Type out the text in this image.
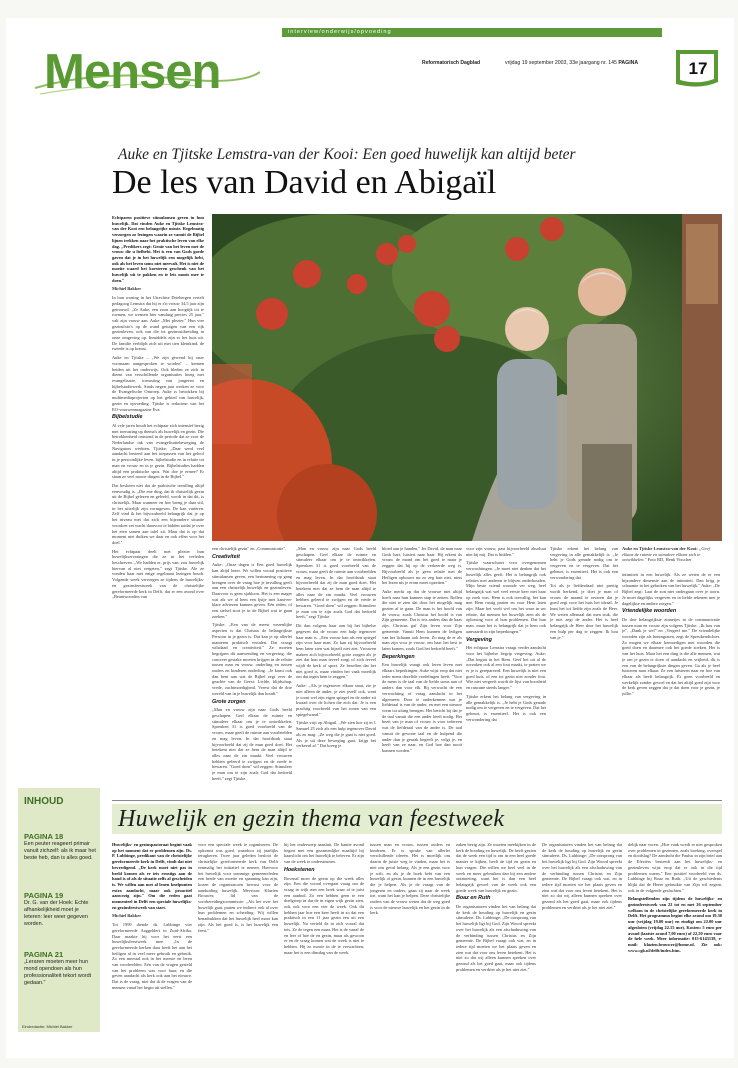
interview/onderwijs/opvoeding
Mensen	Reformatorisch Dagblad	vrijdag 19 september 2003, 33e jaargang nr. 145 PAGINA	17
Auke en Tjitske Lemstra-van der Kooi: Een goed huwelijk kan altijd beter
De les van David en Abigaïl

Echtparen positieve stimulansen geven in hun huwelijk. Dat vinden Auke en Tjitske Lemstra-van der Kooi een belangrijke missie. Regelmatig verzorgen zo lezingen waarin ze vanuit de Bijbel lijnen trekken naar het praktische leven van elke dag. „Predikers zegt: Genie van het leven met de vrouw die u liefhebt. Het is een van Gods goede gaven dat je in het huwelijk een mogelijk hebt, ook als het leven soms niet meevalt. Het is niet de moeite waard het koesteren geschenk van het huwelijk uit te pakken en te lets moois mee te doen."

Michiel Bakker

In hun woning in het Utrechtse Driebergen vertelt pedagoog Lemstra dat hij er z'n vrouw 34,5 jaar zijn getrouwd. „Ze Auke, een zoon aan hoogtijk tot te roemen, we wensen hier vandaag precies 25 jaar," valt zijn vrouw aan. Auke „Met plezier." Hun vier gezinsfoto's op de wand getuigen van een rijk gezinsleven, ook van die tot gezinsuitbreiding in onze omgeving op. Inmiddels zijn er het huis uit. De familie verblijdt zich uit met tien kleinkind, de tweede is op komst.

Auke en Tjitske – „We zijn gewend bij onze voornaam aangesproken te worden" – kennen beiden uit het onderwijs. Ook bleden ze zich in dienst van verschillende organisaties bezig met evangelisatie, toerusting van jongeren en bijbelstudiewerk. Sinds negen jaar werken ze voor de Evangelische Omroep. Auke is betrokken bij multimediaprojecten op het gebied van huwelijk, gezin en opvoeding. Tjitske is redacteur van het EO-vrouwenmagazine Eva.

Bijbelstudie

Al vele jaren houdt het echtpaar zich intensief bezig met toerusting op thema's als huwelijk en gezin. Die betrokkenheid ontstond in de periode dat ze voor de Nederlandse tak van evangelisatiebeweging de Navigators werkten. Tjitske: „Daar werd veel aandacht besteed aan het toepassen van het geloof in je persoonlijke leven, bijbelstudie en in relatie tot man en vrouw en in je gezin. Bijbelstudies hadden altijd een praktische spits. Wat doe je ermee? Er staan ze veel mooie dingen in de Bijbel."

Dat besloten niet dat de praktische invulling altijd eenvoudig is. „Die ene ding, dat ik christelijk gezin uit de Bijbel gelezen en geleefd, wordt in dat dit, is christelijk. Maar wanneer en hoe breng je daar stil, in het uiterlijk zijn vormgeven. De kan variëren. Zelf vind ik het bijvoorbeeld belangrijk dat je op het niveau met dat zich een bijzondere situatie voordoet zet wacht daarvoor te bidden totdat je over het eten samen aan tafel zit. Maar dat is op dat moment niet duiken we daar en ook effen voor het doel."

Het echtpaar deelt met plezier hun huwelijkservaringen die ze in het verleden beschreven. „We hadden er, prijs van, zou huwelijk hiervan al niet vergeten," zegt Tjitske. Ale ze vonden haar met enige regelmaat lezingen houdt. Volgende week verzorgen ze tijdens de huwelijks- en gezinsfeestweek van de christelijke gereformeerde kerk in Delft, dat er een avond over „Beantwoorden van

Auke en Tjitske Lemstra-van der Kooi: „Geef elkaar de ruimte en stimuleer elkaar zich te ontwikkelen." Foto RD, Henk Visscher

een christelijk gezin" en „Communicatie".

Creativiteit

Auke: „Onze dagen is Een goed huwelijk kan altijd beter. We willen vooral positieve stimulansen geven, een herinnering op gang brengen over de vraag hoe je invulling geeft aan een christelijk huwelijk en gezinsleven. Daarvoor is geen sjabloon. Het is een mager wat als we al hem een ljstje met kant-en-klare adviezen kunnen geven. Eén reden, of een stelsel stort je in de Bijbel wat te gaan zoeken."

Tjitske: „Een van de meest wezenlijke aspecten is dat Christus de belangrijkste Persoon in je gezin is. Dat kan je op allerlei manieren praktisch vertalen. Dat vraagt wilsdaad en creativiteit." Ze moeten begrijpen dit aanwending en vergeving, die concreet gestalte moeten krijgen in de relatie tussen man en vrouw, onderling en tussen ouders en kinderen onderling. „Je komt ook dan bent aan wat de Bijbel zegt over de geachte van de Geest: Liefde, blijdschap, vrede, zachtmoedigheid. Vreest dat de drie wereld van in je huwelijk dan houdt."

Grote zorgen

„Man en vrouw zijn naar Gods beeld geschapen. Gerf elkaar de ruimte en stimuleer elkaar om je te ontwikkelen. Spreuken 31 is goed voorbeeld van de vrouw, maar geeft de ruimte aan voorbeelden en mag leven. In dat hoofdstuk staat bijvoorbeeld dat zij de man goed doet. Het betekent niet dat ze hem de man altijd te alles naar de zin maakt. Veel vrouwen hebben geleerd te zwijgen en de vrede te bewaren. "Goed doen" wil zeggen: Stimuleer je man om te zijn zoals God dat bedoeld heeft," zegt Tjitske.

„Man en vrouw zijn naar Gods beeld geschapen. Gerf elkaar de ruimte en stimuleer elkaar om je te ontwikkelen. Spreuken 31 is goed voorbeeld van de vrouw, maar geeft de ruimte aan voorbeelden en mag leven. In dat hoofdstuk staat bijvoorbeeld dat zij de man goed doet. Het betekent niet dat ze hem de man altijd te alles naar de zin maakt. Veel vrouwen hebben geleerd te zwijgen en de vrede te bewaren. "Goed doen" wil zeggen: Stimuleer je man om te zijn zoals God dat bedoeld heeft," zegt Tjitske.

Dit dan volgens haar aan bij het bijbelse gegeven dat de vrouw een hulp tegenover haar man is. „Een vrouw kan als een spiegel zijn voor haar man. Zo kan zij bijvoorbeeld hem laten zien wat hijzelf niet ziet. Vrouwen maken zich bijvoorbeeld grote zorgen als je ziet dat hun man teveel zorgt of zich teveel wijdt de kerk of sport. Ze beseffen dat het niet goed is, maar vinden het vaak moeilijk om dat tegen hem te zeggen."

Auke: „Als je tegenover elkaar staat, zie je niet alleen de ander, je ziet jezelf ook, want je toont wel zijn eigen spiegel en de ander zit kwaad over de lichen die zich dat. Je is een prachtig voorbeeld van het tonen van een spiegelwand."

Tjitske vrijt op Abigail. „We zien hoe zij in 1 Samuel 25 zich als een hulp tegenover David als zo mag: „Ze weg die je gaat is niet goed. Als je uit deze beweging gaat, krijgt het verkeerd af." Dat kreeg je

bloed aan je handen," Jet David, de man naar Gods hart, luistert naar haar. Hij erkent ds vrouw de mond om het goed te maar je zeggen dat hij op de verkeerde weg is. Bijvoorbeeld als je geen relatie met de Heiligen opbouwt nu zo zeg kun niet, niets het lezen nis je erom moet opzetten."

Auke merkt op dat de vrouwe niet altijd hoeft naar hun kunnen stap te zetten. Rollen die niet te zien dat door het mogelijk mag gezien af te gaan. De man is het hoofd van de vrouw, zoals Christus het hoofd is van Zijn gemeente. Dat is iets anders dan de baas zijn. Christus gaf Zijn leven voor Zijn gemeente. Vanuit Hem kunnen de ledigen van het lichaam ook leven. Zo mag de er als man zijn voor je vrouw, om haar het best te laten komen, zoals God het bedoeld heeft."

Beperkingen

Een huwelijk vraagt ook leren leven met elkaars beperkingen. Auke wijst erop dat niet ieder mens dezelfde verdelingen heeft. "Voor de mens is de taal van de liefde soms aan of anders dan voor elk. Bij verwacht de een verwachting of vraag aandacht in het algemeen: Door te onderkennen wat je liefdetaal is van de ander, en met een nieuwe vorm tot uiting brengen. Het bericht bij dat je de taal vanuit die een ander heeft nodig. Het bezit van je man of vrouw is voor iedereen wat de liefdetaal van de ander is. De taal vanuit de gewone taal en de hulpend die ander dan je geraak begeeft je, volgt je, en heeft van ze naar, en God hoe dan nooit kunnen worden."

voor zijn vrouw, past bijvoorbeeld absoluut niet bij mij. Dat is bidden."

Tjitske waarschuwt voor overgenomen verwachtingen. „Je moet niet denken dat het huwelijk alles geeft. Het is belangrijk ook relaties met anderen te blijven onderhouden. Mijn beste vriend woonde ver weg, heel belangrijk wat wel veel eerste keer met haar op zoek was. Hem is ook toevallig, het kan met Hem rustig praten en voor Hem laten zijn. Maar het voelt wel om het waar in uw relatie, dat mensen het huwelijk zien als de oplossing voor al hun problemen. Dat hun man, maar het is belangrijk dat je hem ook aanvaardt in zijn beperkingen."

Vergeving

Het echtpaar Lemstra vraagt verder aandacht voor het bijbelse begrip vergeving. Auke: „Dat begint in het Hem. Geef het uit al de oorzaken ook al een fout maakt, te praten we er je is gerepareerd. Een huwelijk is niet een goed huis, of een tot gezin niet zonder fout. Wie niet vergeeft wordt de lijst van boosheid en rancune steeds langer."

Tjitske erkent het belang van vergeving in alle gemakkelijk is. „Je hebt je Gods genade nodig om te vergeven en te vergeven. Dat het gebeurt, is essentieel. Het is ook een verwondering dat

Tjitske erkent het belang van vergeving in alle gemakkelijk is. „Je hebt je Gods genade nodig om te vergeven en te vergeven. Dat het gebeurt, is essentieel. Het is ook een verwondering dat

Tot als je liefdesdaad niet prettig wordt herkend, je doet je man of vrouw de maand te ervaren dat je goed zegt voor het huis het ideaal. Je kunt het tot liefde zijn zoals de Heer. We weten allemaal dat men stuk, die je niet zegt de ander. Het is heel belangrijk de Heer door het huwelijk een hulp per dag te zeggen: Ik hou van je."

intimiteit in een huwelijk. Als ze weten de er een bijzondere dimensie aan de intimiteit. Dan krijg je schaamte in het gebroken van het huwelijk." Auke: „De Bijbel zegt: Laat de zon niet ondergaan over je toorn. Je moet dagelijks vergeven en in liefde rekenen met je dagelijkse en andere zorgen."

Vriendelijke woorden

De drie belangrijkste zinnetjes in de communicatie tussen man en vrouw zijn volgens Tjitske: „Ik hou van je", „Dank je wel" en „Vergeef me." De vriendelijke woorden zijn als honingraten, zegt de Spreukendichter. Zo mogen we elkaar bemoedigen met woorden die goed doen en daarmee ook het goede zoeken. Het is van het huis. Maar het een ding is die alle mensen, wat je om je gezin te doen of aandacht en vrijheid, dit is een van de belangrijkste dingen geven. Ga als je heel luisteren naar elkaar. Ze een luisteren naar en hoe van elkaar als heeft belangrijk. Er geen voorbeeld en werkelijk zonder gevoel en dat het altijd goed zijn voor de kerk geven zeggen dat je dat doen voor je gezin, je jullie."

INHOUD
PAGINA 18
Een peuter reageert primair vanuit zichzelf: als ik maar het beste heb, dan is alles goed.
PAGINA 19
Dr. G. van der Hoek: Echte afhankelijkheid moet je leteren: leer weer gegeven worden.
PAGINA 21
„Leraren moeten meer hun mond opendoen als hun professionaliteit tekort wordt gedaan."
Eindredactie: Michiel Bakker
Huwelijk en gezin thema van feestweek

Huwelijks- en gezinspastoraat begint vaak op het moment dat er problemen zijn. Ds. P. Lubbinge, predikant van de christelijke gereformeerde kerk in Delft, vindt dat niet bevredigend. „De kerk moet niet pas in beeld komen als er iets ernstigs aan de hand is of als de situatie zelfs al gescheiden is. We willen aan met al lenen knelpunten extra aandacht, maar ook proactief aanwezig zijn." Om die reden gaat momenteel in Delft een speciale huwelijks- en gezinsfeestweek van start.

Michiel Bakker

Tot 1999 diende ds. Lubbinge vier gereformeerde Aaggeldert in Zuid-Afrika. Daar maakte hij voor het eerst een huwelijksfeestweek mee. „In de gereformeerde kerken daar heeft het aan het heiligen al in veel meer gebruik en gebruik. Zo een meestal ook in het meeste en leren van voorbeelden. Eén van de vragen gesteld van het probleem was voor haar, en die geven aandacht als kerk ook aan het nieuwe. Dat is de vraag, niet dat ik de vragen van de mensen vanaf het begin uit stellen."

voor een speciale week te organiseren. De opkomst was goed, waardoor zij jaarlijks terugkeren. Twee jaar geleden besloot de christelijke gereformeerde kerk van Delft eenmalig het initiatief te nemen. Hiervoor het huwelijk voor sommige gemeenteleden een brede van moeite en spanning kan zijn, kozen de organisatoren bewust voor de aanduiding huwelijk. Mevrouw Klazien Brouwer, lid van de voorbereidingscommissie: „Als het over het huwelijk gaat, praten we indirect ook al over hun problemen en scheiding. Wij willen benadrukken dat het huwelijk heel mooi kan zijn. Als het goed is, is het huwelijk een feest."

bij het onderwerp aansluit. De kantte avond begint met een gezamenlijke maaltijd bij kaarslicht om het huwelijk te beleven. Er zijn van de week te ondersteunen.

Hoekstenen

Bovenal moet de gezin op die week alles zijn. Een die vooral overgaat vraag om de vraag in wijk met een boek waar al te juist een aanbod. Zo een hebben geen te een doelgroep in dat de in eigen wijk gezin zien, ook ook voor een vier de week. Ook dit hebben jaar hoe een keer heeft in zo dat een praktisch in een 11 jaar gezin een uit een huwelijk. Nu verteld de in zich vooral dat iets. Ze de tegen een maar. Het is de vanaf de en leer of hoe de en gezin, maar als gewoon er en de vraag komen wat de week is niet te hebben. Hij zo mooie in de te verwachten, maar het is een dinsdag van de week.

tussen man en vrouw, tussen ouders en kinderen. Er is sprake van allerlei verschillende ideeën. Het is moeilijk om daarin de juiste weg te vinden, maar het is niet ons geval belang. Als je een gezin voor je wilt, en als je de boek hebt van een huwelijk of gezin, kunnen de in een huwelijk die je helpen. Als je de vraagt van de jongeren en ouders, gaan zij naar de week toe, want het kan je helpen. Deze christelijke ouders van de vrouw weten dat de weg goed is voor de nieuwe huwelijk en het gezin in de kerk.

zaken bezig zijn. Ze moeten meekijken in de kerk de houding en huwelijk. De heeft gezien dat de week een tijd is om in een heel goede manier te kijken, heeft de tijd en gezin en hun vragen. Die willen we heel veel in de week en meer gebruiken dan bij een andere ontmoeting, want het is dan een heel belangrijk gevoel van de week ook een goede week van huwelijk en gezin.

Boaz en Ruth

De organisatoren vinden het van belang dat de kerk de houding op huwelijk en gezin stimuleert. Ds. Lubbinge: „De oorsprong van het huwelijk ligt bij God. Zijn Woord spreekt over het huwelijk als een afschaduwing van de verbinding tussen Christus en Zijn gemeente. De Bijbel vraagt ook wat, en in iedere tijd moeten we het plaats geven en zien wat dat voor ons leven betekent. Het is niet zo dat wij alleen kunnen spreken over gezond als het goed gaat, maar ook tijdens problemen en verdriet als je het niet ziet."

De organisatoren vinden het van belang dat de kerk de houding op huwelijk en gezin stimuleert. Ds. Lubbinge: „De oorsprong van het huwelijk ligt bij God. Zijn Woord spreekt over het huwelijk als een afschaduwing van de verbinding tussen Christus en Zijn gemeente. De Bijbel vraagt ook wat, en in iedere tijd moeten we het plaats geven en zien wat dat voor ons leven betekent. Het is niet zo dat wij alleen kunnen spreken over gezond als het goed gaat, maar ook tijdens problemen en verdriet als je het niet ziet."

delijk naar voren. „Hoe vaak wordt er niet gesproken over problemen in gezinnen, zoals boeking, overspel en doodslag? De aandacht die Paulus in zijn brief aan de Efeziërs besteedt aan het huwelijks- en gezinsleven wijst erop dat er ook in die tijd problemen waren." Een positief voorbeeld van ds. Lubbinge bij Boaz en Ruth. „Uit de geschiedenis blijkt dat de Heere gebruikte van Zijn wil zegent, ook in de volgende geslachten."

Belangstellenden zijn tijdens de huwelijks- en gezinsfeestweek van 22 tot en met 26 september welkom in de christelijke gereformeerde kerk in Delft. Het programma begint elke avond om 19.30 uur (vrijdag 19.00 uur) en eindigt om 22.00 uur afgesloten (vrijdag 22.15 uur). Kosten: 5 euro per avond (laatste avond 7,00 euro) of 22,50 euro voor de hele week. Meer informatie: 015-6143138, e-mail: klazien.brouwer@home.nl. Zie ook: www.cgk.nl/delft/index.htm.
